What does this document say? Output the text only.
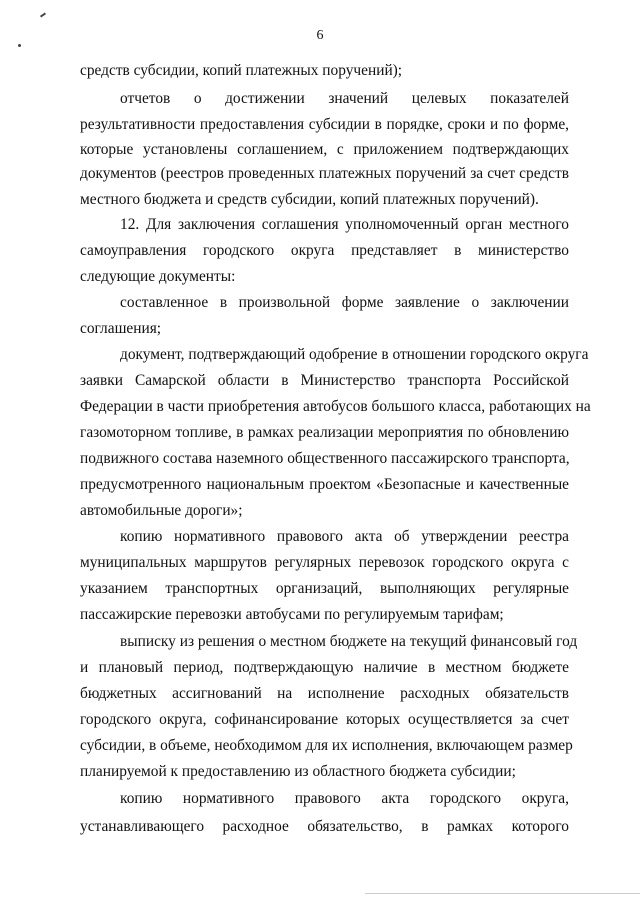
6
средств субсидии, копий платежных поручений);
отчетов о достижении значений целевых показателей
результативности предоставления субсидии в порядке, сроки и по форме,
которые установлены соглашением, с приложением подтверждающих
документов (реестров проведенных платежных поручений за счет средств
местного бюджета и средств субсидии, копий платежных поручений).
12. Для заключения соглашения уполномоченный орган местного
самоуправления городского округа представляет в министерство
следующие документы:
составленное в произвольной форме заявление о заключении
соглашения;
документ, подтверждающий одобрение в отношении городского округа
заявки Самарской области в Министерство транспорта Российской
Федерации в части приобретения автобусов большого класса, работающих на
газомоторном топливе, в рамках реализации мероприятия по обновлению
подвижного состава наземного общественного пассажирского транспорта,
предусмотренного национальным проектом «Безопасные и качественные
автомобильные дороги»;
копию нормативного правового акта об утверждении реестра
муниципальных маршрутов регулярных перевозок городского округа с
указанием транспортных организаций, выполняющих регулярные
пассажирские перевозки автобусами по регулируемым тарифам;
выписку из решения о местном бюджете на текущий финансовый год
и плановый период, подтверждающую наличие в местном бюджете
бюджетных ассигнований на исполнение расходных обязательств
городского округа, софинансирование которых осуществляется за счет
субсидии, в объеме, необходимом для их исполнения, включающем размер
планируемой к предоставлению из областного бюджета субсидии;
копию нормативного правового акта городского округа,
устанавливающего расходное обязательство, в рамках которого
